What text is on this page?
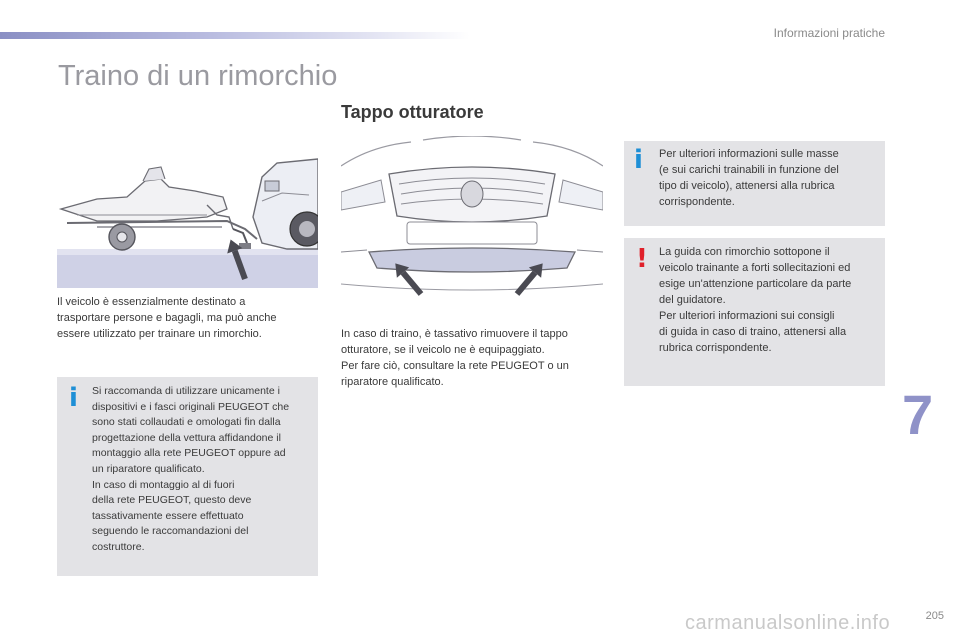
Informazioni pratiche
Traino di un rimorchio
Tappo otturatore
Il veicolo è essenzialmente destinato a
trasportare persone e bagagli, ma può anche
essere utilizzato per trainare un rimorchio.
i Si raccomanda di utilizzare unicamente i
dispositivi e i fasci originali PEUGEOT che
sono stati collaudati e omologati fin dalla
progettazione della vettura affidandone il
montaggio alla rete PEUGEOT oppure ad
un riparatore qualificato.
In caso di montaggio al di fuori
della rete PEUGEOT, questo deve
tassativamente essere effettuato
seguendo le raccomandazioni del
costruttore.
In caso di traino, è tassativo rimuovere il tappo
otturatore, se il veicolo ne è equipaggiato.
Per fare ciò, consultare la rete PEUGEOT o un
riparatore qualificato.
i Per ulteriori informazioni sulle masse
(e sui carichi trainabili in funzione del
tipo di veicolo), attenersi alla rubrica
corrispondente.
! La guida con rimorchio sottopone il
veicolo trainante a forti sollecitazioni ed
esige un'attenzione particolare da parte
del guidatore.
Per ulteriori informazioni sui consigli
di guida in caso di traino, attenersi alla
rubrica corrispondente.
7
carmanualsonline.info	205
